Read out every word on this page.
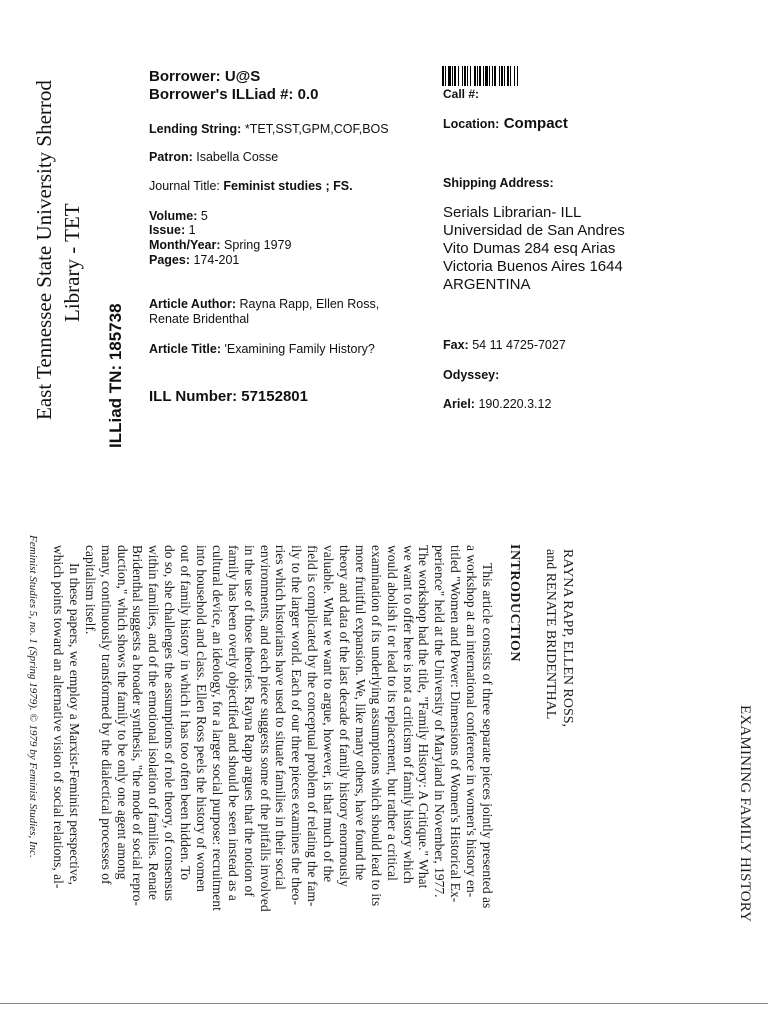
East Tennessee State University Sherrod Library - TET
ILLiad TN: 185738
Borrower: U@S
Borrower's ILLiad #: 0.0
Lending String: *TET,SST,GPM,COF,BOS
Patron: Isabella Cosse
Journal Title: Feminist studies ; FS.
Volume: 5
Issue: 1
Month/Year: Spring 1979
Pages: 174-201
Article Author: Rayna Rapp, Ellen Ross,
Renate Bridenthal
Article Title: 'Examining Family History?
ILL Number: 57152801
Call #:
Location: Compact
Shipping Address:
Serials Librarian- ILL
Universidad de San Andres
Vito Dumas 284 esq Arias
Victoria Buenos Aires 1644
ARGENTINA
Fax: 54 11 4725-7027
Odyssey:
Ariel: 190.220.3.12
EXAMINING FAMILY HISTORY
RAYNA RAPP, ELLEN ROSS,
and RENATE BRIDENTHAL
INTRODUCTION
This article consists of three separate pieces jointly presented as
a workshop at an international conference in women's history en-
titled "Women and Power: Dimensions of Women's Historical Ex-
perience" held at the University of Maryland in November, 1977.
The workshop had the title, "Family History: A Critique." What
we want to offer here is not a criticism of family history which
would abolish it or lead to its replacement, but rather a critical
examination of its underlying assumptions which should lead to its
more fruitful expansion. We, like many others, have found the
theory and data of the last decade of family history enormously
valuable. What we want to argue, however, is that much of the
field is complicated by the conceptual problem of relating the fam-
ily to the larger world. Each of our three pieces examines the theo-
ries which historians have used to situate families in their social
environments, and each piece suggests some of the pitfalls involved
in the use of those theories. Rayna Rapp argues that the notion of
family has been overly objectified and should be seen instead as a
cultural device, an ideology, for a larger social purpose: recruitment
into household and class. Ellen Ross peels the history of women
out of family history in which it has too often been hidden. To
do so, she challenges the assumptions of role theory, of consensus
within families, and of the emotional isolation of families. Renate
Bridenthal suggests a broader synthesis, "the mode of social repro-
duction," which shows the family to be only one agent among
many, continuously transformed by the dialectical processes of
capitalism itself.
In these papers, we employ a Marxist-Feminist perspective,
which points toward an alternative vision of social relations, al-
Feminist Studies 5, no. 1 (Spring 1979). © 1979 by Feminist Studies, Inc.
